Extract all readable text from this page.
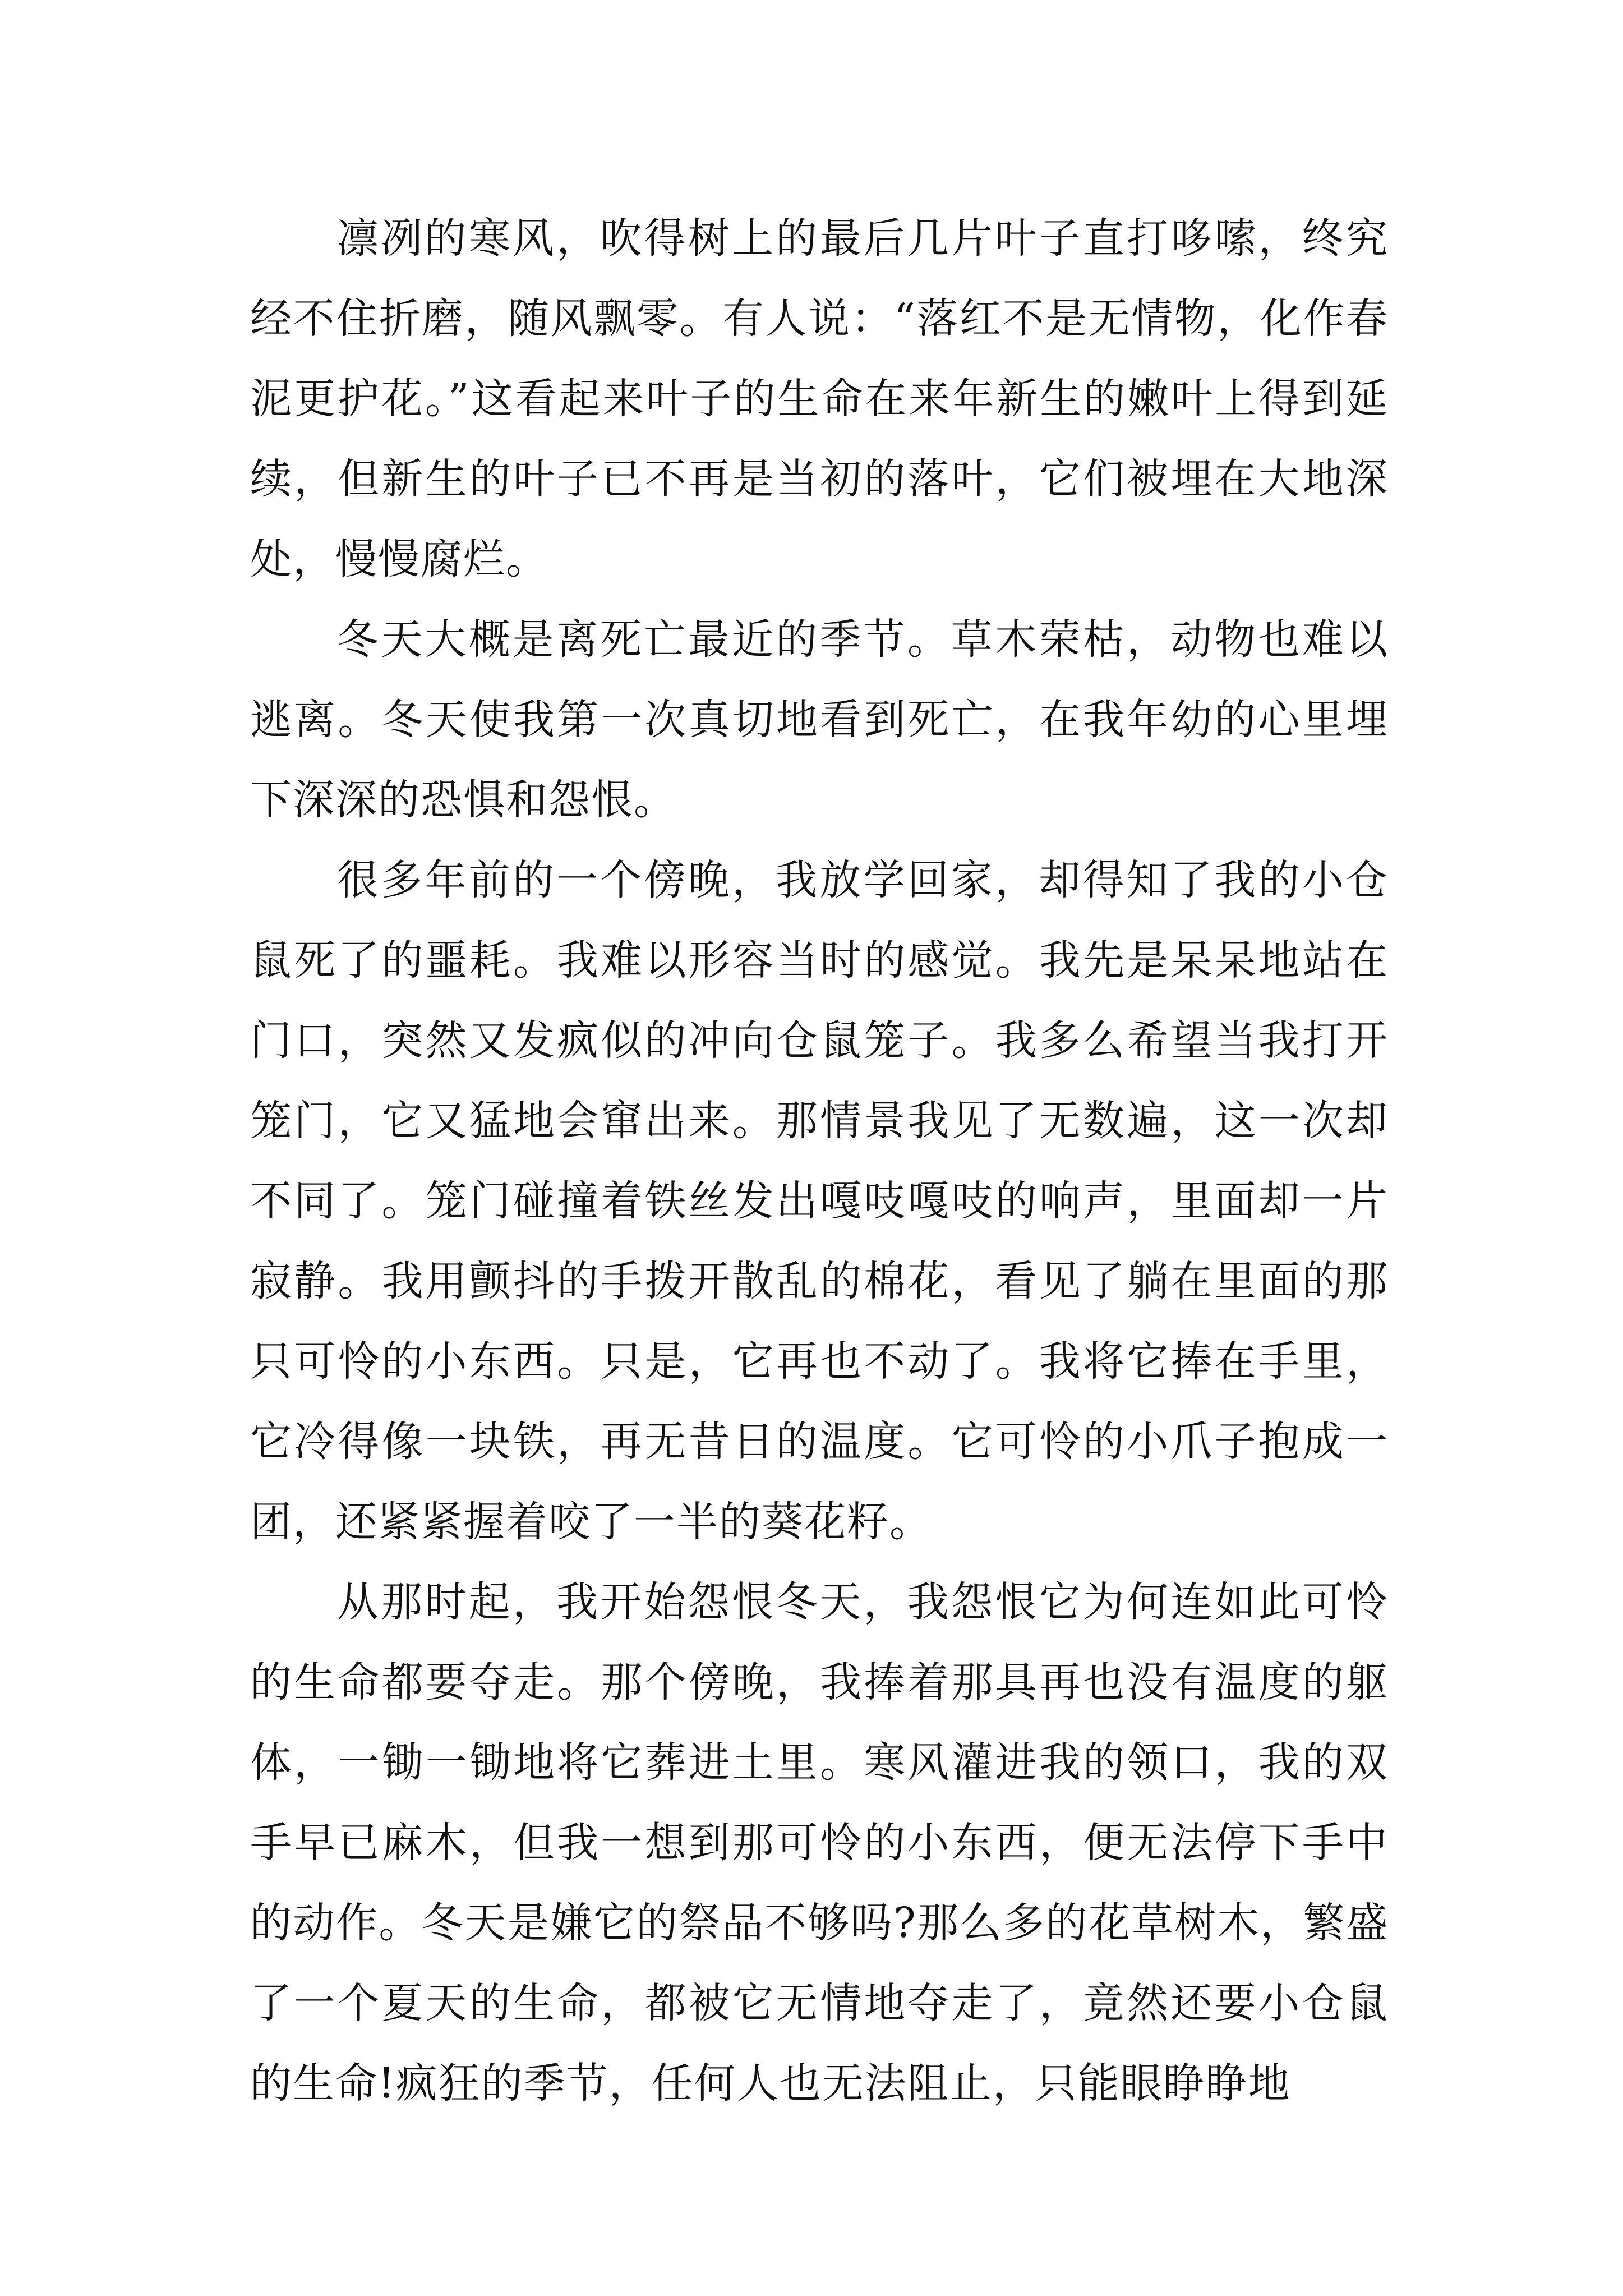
凛冽的寒风，吹得树上的最后几片叶子直打哆嗦，终究经不住折磨，随风飘零。有人说：“落红不是无情物，化作春泥更护花。”这看起来叶子的生命在来年新生的嫩叶上得到延续，但新生的叶子已不再是当初的落叶，它们被埋在大地深处，慢慢腐烂。

冬天大概是离死亡最近的季节。草木荣枯，动物也难以逃离。冬天使我第一次真切地看到死亡，在我年幼的心里埋下深深的恐惧和怨恨。

很多年前的一个傍晚，我放学回家，却得知了我的小仓鼠死了的噩耗。我难以形容当时的感觉。我先是呆呆地站在门口，突然又发疯似的冲向仓鼠笼子。我多么希望当我打开笼门，它又猛地会窜出来。那情景我见了无数遍，这一次却不同了。笼门碰撞着铁丝发出嘎吱嘎吱的响声，里面却一片寂静。我用颤抖的手拨开散乱的棉花，看见了躺在里面的那只可怜的小东西。只是，它再也不动了。我将它捧在手里，它冷得像一块铁，再无昔日的温度。它可怜的小爪子抱成一团，还紧紧握着咬了一半的葵花籽。

从那时起，我开始怨恨冬天，我怨恨它为何连如此可怜的生命都要夺走。那个傍晚，我捧着那具再也没有温度的躯体，一锄一锄地将它葬进土里。寒风灌进我的领口，我的双手早已麻木，但我一想到那可怜的小东西，便无法停下手中的动作。冬天是嫌它的祭品不够吗?那么多的花草树木，繁盛了一个夏天的生命，都被它无情地夺走了，竟然还要小仓鼠的生命!疯狂的季节，任何人也无法阻止，只能眼睁睁地
